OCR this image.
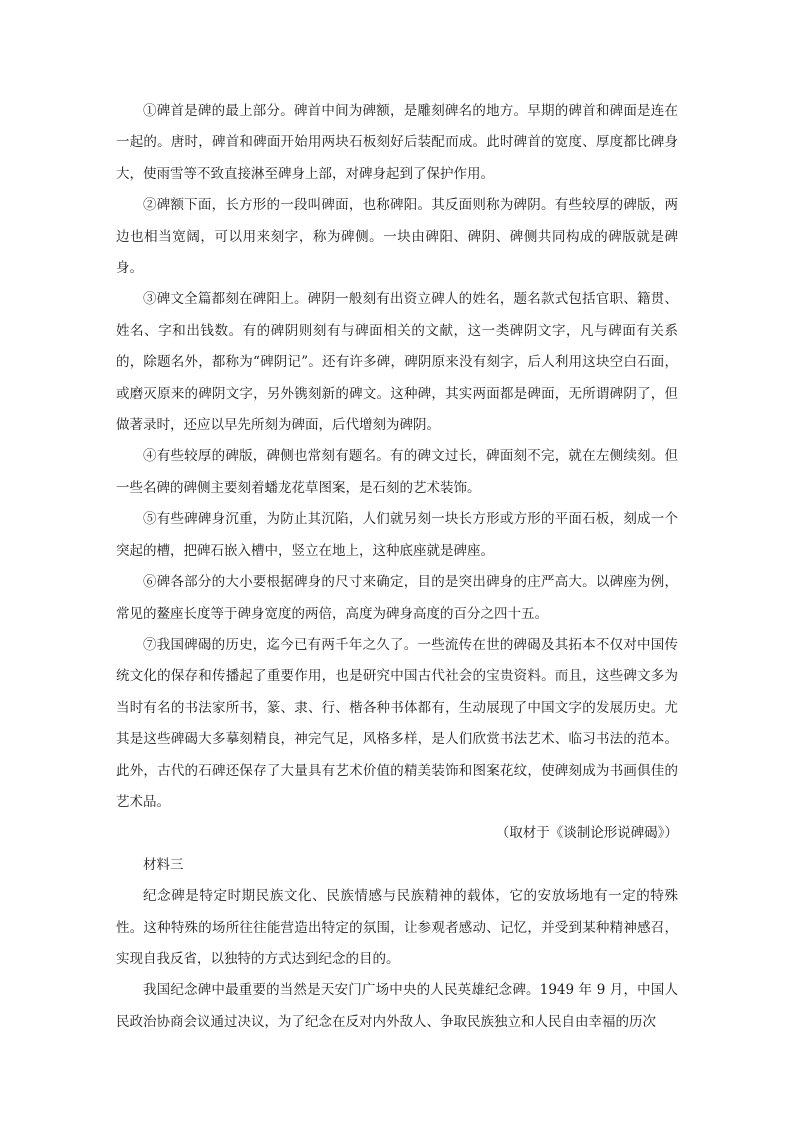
①碑首是碑的最上部分。碑首中间为碑额，是雕刻碑名的地方。早期的碑首和碑面是连在一起的。唐时，碑首和碑面开始用两块石板刻好后装配而成。此时碑首的宽度、厚度都比碑身大，使雨雪等不致直接淋至碑身上部，对碑身起到了保护作用。

②碑额下面，长方形的一段叫碑面，也称碑阳。其反面则称为碑阴。有些较厚的碑版，两边也相当宽阔，可以用来刻字，称为碑侧。一块由碑阳、碑阴、碑侧共同构成的碑版就是碑身。

③碑文全篇都刻在碑阳上。碑阴一般刻有出资立碑人的姓名，题名款式包括官职、籍贯、姓名、字和出钱数。有的碑阴则刻有与碑面相关的文献，这一类碑阴文字，凡与碑面有关系的，除题名外，都称为“碑阴记”。还有许多碑，碑阴原来没有刻字，后人利用这块空白石面，或磨灭原来的碑阴文字，另外镌刻新的碑文。这种碑，其实两面都是碑面，无所谓碑阴了，但做著录时，还应以早先所刻为碑面，后代增刻为碑阴。

④有些较厚的碑版，碑侧也常刻有题名。有的碑文过长，碑面刻不完，就在左侧续刻。但一些名碑的碑侧主要刻着蟠龙花草图案，是石刻的艺术装饰。

⑤有些碑碑身沉重，为防止其沉陷，人们就另刻一块长方形或方形的平面石板，刻成一个突起的槽，把碑石嵌入槽中，竖立在地上，这种底座就是碑座。

⑥碑各部分的大小要根据碑身的尺寸来确定，目的是突出碑身的庄严高大。以碑座为例，常见的鳌座长度等于碑身宽度的两倍，高度为碑身高度的百分之四十五。

⑦我国碑碣的历史，迄今已有两千年之久了。一些流传在世的碑碣及其拓本不仅对中国传统文化的保存和传播起了重要作用，也是研究中国古代社会的宝贵资料。而且，这些碑文多为当时有名的书法家所书，篆、隶、行、楷各种书体都有，生动展现了中国文字的发展历史。尤其是这些碑碣大多摹刻精良，神完气足，风格多样，是人们欣赏书法艺术、临习书法的范本。此外，古代的石碑还保存了大量具有艺术价值的精美装饰和图案花纹，使碑刻成为书画俱佳的艺术品。

（取材于《谈制论形说碑碣》）

材料三

纪念碑是特定时期民族文化、民族情感与民族精神的载体，它的安放场地有一定的特殊性。这种特殊的场所往往能营造出特定的氛围，让参观者感动、记忆，并受到某种精神感召，实现自我反省，以独特的方式达到纪念的目的。

我国纪念碑中最重要的当然是天安门广场中央的人民英雄纪念碑。1949 年 9 月，中国人民政治协商会议通过决议，为了纪念在反对内外敌人、争取民族独立和人民自由幸福的历次
